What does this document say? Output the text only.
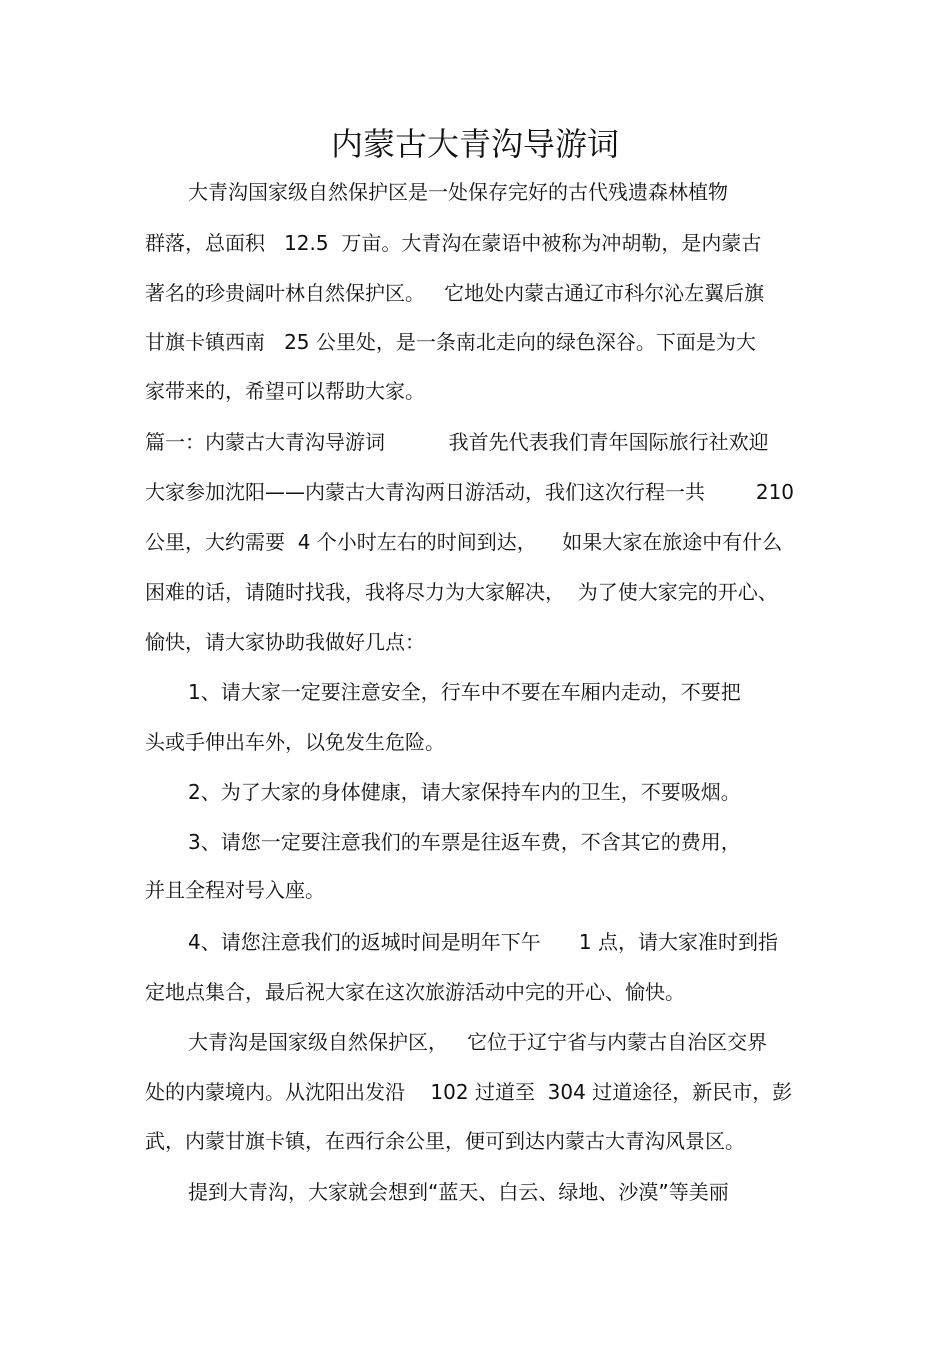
内蒙古大青沟导游词
大青沟国家级自然保护区是一处保存完好的古代残遗森林植物
群落，总面积   12.5  万亩。大青沟在蒙语中被称为冲胡勒，是内蒙古
著名的珍贵阔叶林自然保护区。   它地处内蒙古通辽市科尔沁左翼后旗
甘旗卡镇西南   25 公里处，是一条南北走向的绿色深谷。下面是为大
家带来的，希望可以帮助大家。
篇一：内蒙古大青沟导游词          我首先代表我们青年国际旅行社欢迎
大家参加沈阳——内蒙古大青沟两日游活动，我们这次行程一共        210
公里，大约需要  4 个小时左右的时间到达，    如果大家在旅途中有什么
困难的话，请随时找我，我将尽力为大家解决，  为了使大家完的开心、
愉快，请大家协助我做好几点：
1、请大家一定要注意安全，行车中不要在车厢内走动，不要把
头或手伸出车外，以免发生危险。
2、为了大家的身体健康，请大家保持车内的卫生，不要吸烟。
3、请您一定要注意我们的车票是往返车费，不含其它的费用，
并且全程对号入座。
4、请您注意我们的返城时间是明年下午      1 点，请大家准时到指
定地点集合，最后祝大家在这次旅游活动中完的开心、愉快。
大青沟是国家级自然保护区，   它位于辽宁省与内蒙古自治区交界
处的内蒙境内。从沈阳出发沿    102 过道至  304 过道途径，新民市，彭
武，内蒙甘旗卡镇，在西行余公里，便可到达内蒙古大青沟风景区。
提到大青沟，大家就会想到“蓝天、白云、绿地、沙漠”等美丽
